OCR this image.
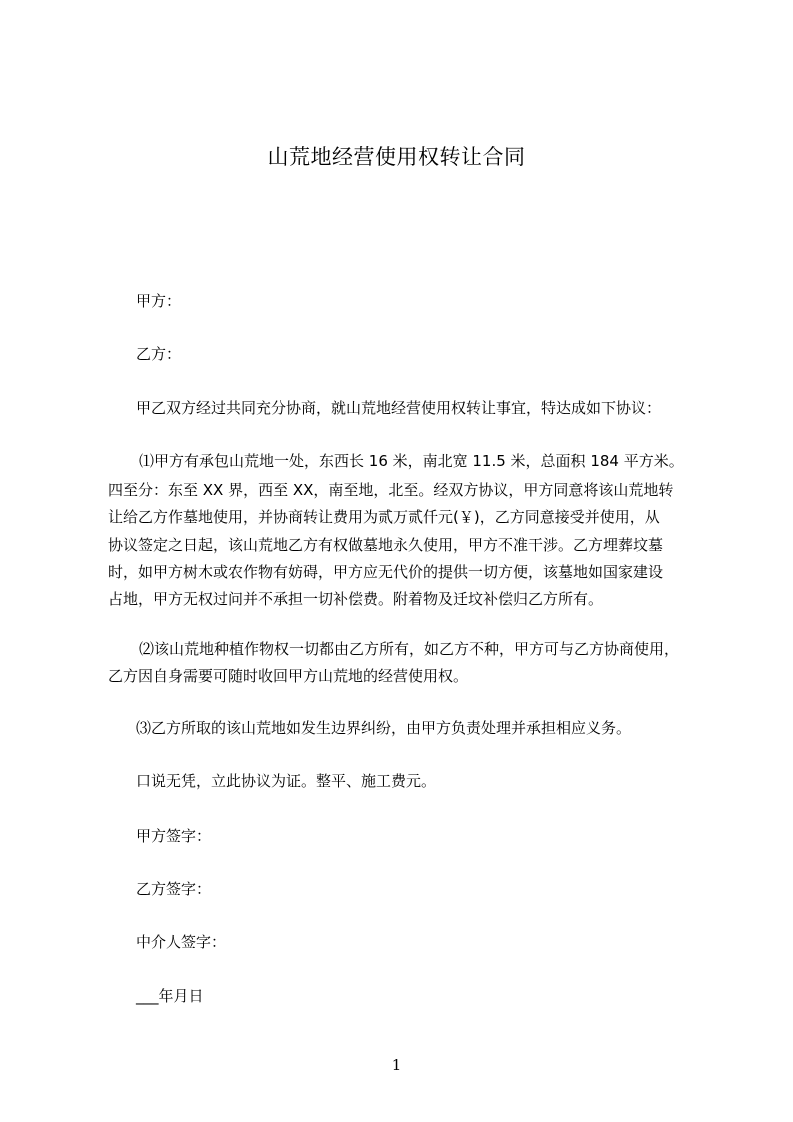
山荒地经营使用权转让合同
甲方：
乙方：
甲乙双方经过共同充分协商，就山荒地经营使用权转让事宜，特达成如下协议：
⑴甲方有承包山荒地一处，东西长 16 米，南北宽 11.5 米，总面积 184 平方米。
四至分：东至 XX 界，西至 XX，南至地，北至。经双方协议，甲方同意将该山荒地转
让给乙方作墓地使用，并协商转让费用为贰万贰仟元(￥)，乙方同意接受并使用，从
协议签定之日起，该山荒地乙方有权做墓地永久使用，甲方不准干涉。乙方埋葬坟墓
时，如甲方树木或农作物有妨碍，甲方应无代价的提供一切方便，该墓地如国家建设
占地，甲方无权过问并不承担一切补偿费。附着物及迁坟补偿归乙方所有。
⑵该山荒地种植作物权一切都由乙方所有，如乙方不种，甲方可与乙方协商使用，
乙方因自身需要可随时收回甲方山荒地的经营使用权。
⑶乙方所取的该山荒地如发生边界纠纷，由甲方负责处理并承担相应义务。
口说无凭，立此协议为证。整平、施工费元。
甲方签字：
乙方签字：
中介人签字：
___年月日
1
